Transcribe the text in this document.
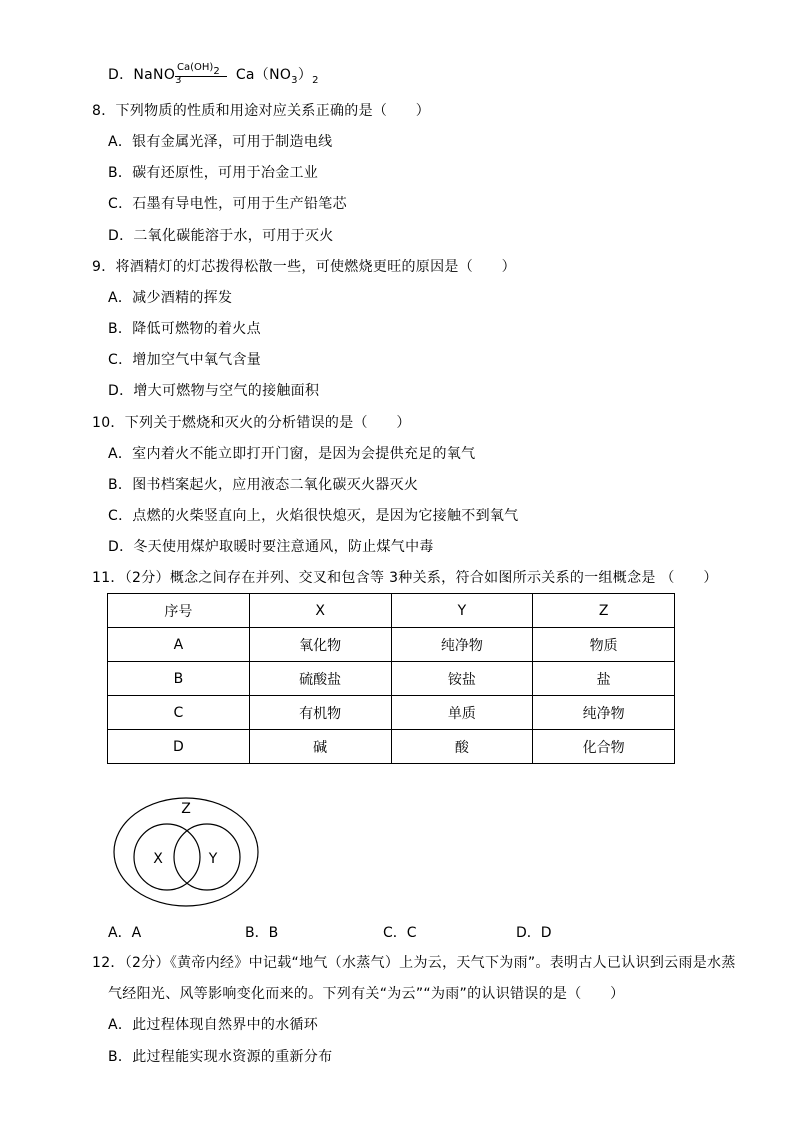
D．NaNO$_3$	$Ca(NO_3)_2$
Ca(OH)2
8．下列物质的性质和用途对应关系正确的是（　　）
A．银有金属光泽，可用于制造电线
B．碳有还原性，可用于冶金工业
C．石墨有导电性，可用于生产铅笔芯
D．二氧化碳能溶于水，可用于灭火
9．将酒精灯的灯芯拨得松散一些，可使燃烧更旺的原因是（　　）
A．减少酒精的挥发
B．降低可燃物的着火点
C．增加空气中氧气含量
D．增大可燃物与空气的接触面积
10．下列关于燃烧和灭火的分析错误的是（　　）
A．室内着火不能立即打开门窗，是因为会提供充足的氧气
B．图书档案起火，应用液态二氧化碳灭火器灭火
C．点燃的火柴竖直向上，火焰很快熄灭，是因为它接触不到氧气
D．冬天使用煤炉取暖时要注意通风，防止煤气中毒
11．（2分）概念之间存在并列、交叉和包含等 3种关系，符合如图所示关系的一组概念是 （　　）
序号	X	Y	Z
A	氧化物	纯净物	物质
B	硫酸盐	铵盐	盐
C	有机物	单质	纯净物
D	碱	酸	化合物
Z
X	Y
A．A	B．B	C．C	D．D
12．（2分）《黄帝内经》中记载“地气（水蒸气）上为云，天气下为雨”。表明古人已认识到云雨是水蒸
气经阳光、风等影响变化而来的。下列有关“为云”“为雨”的认识错误的是（　　）
A．此过程体现自然界中的水循环
B．此过程能实现水资源的重新分布
